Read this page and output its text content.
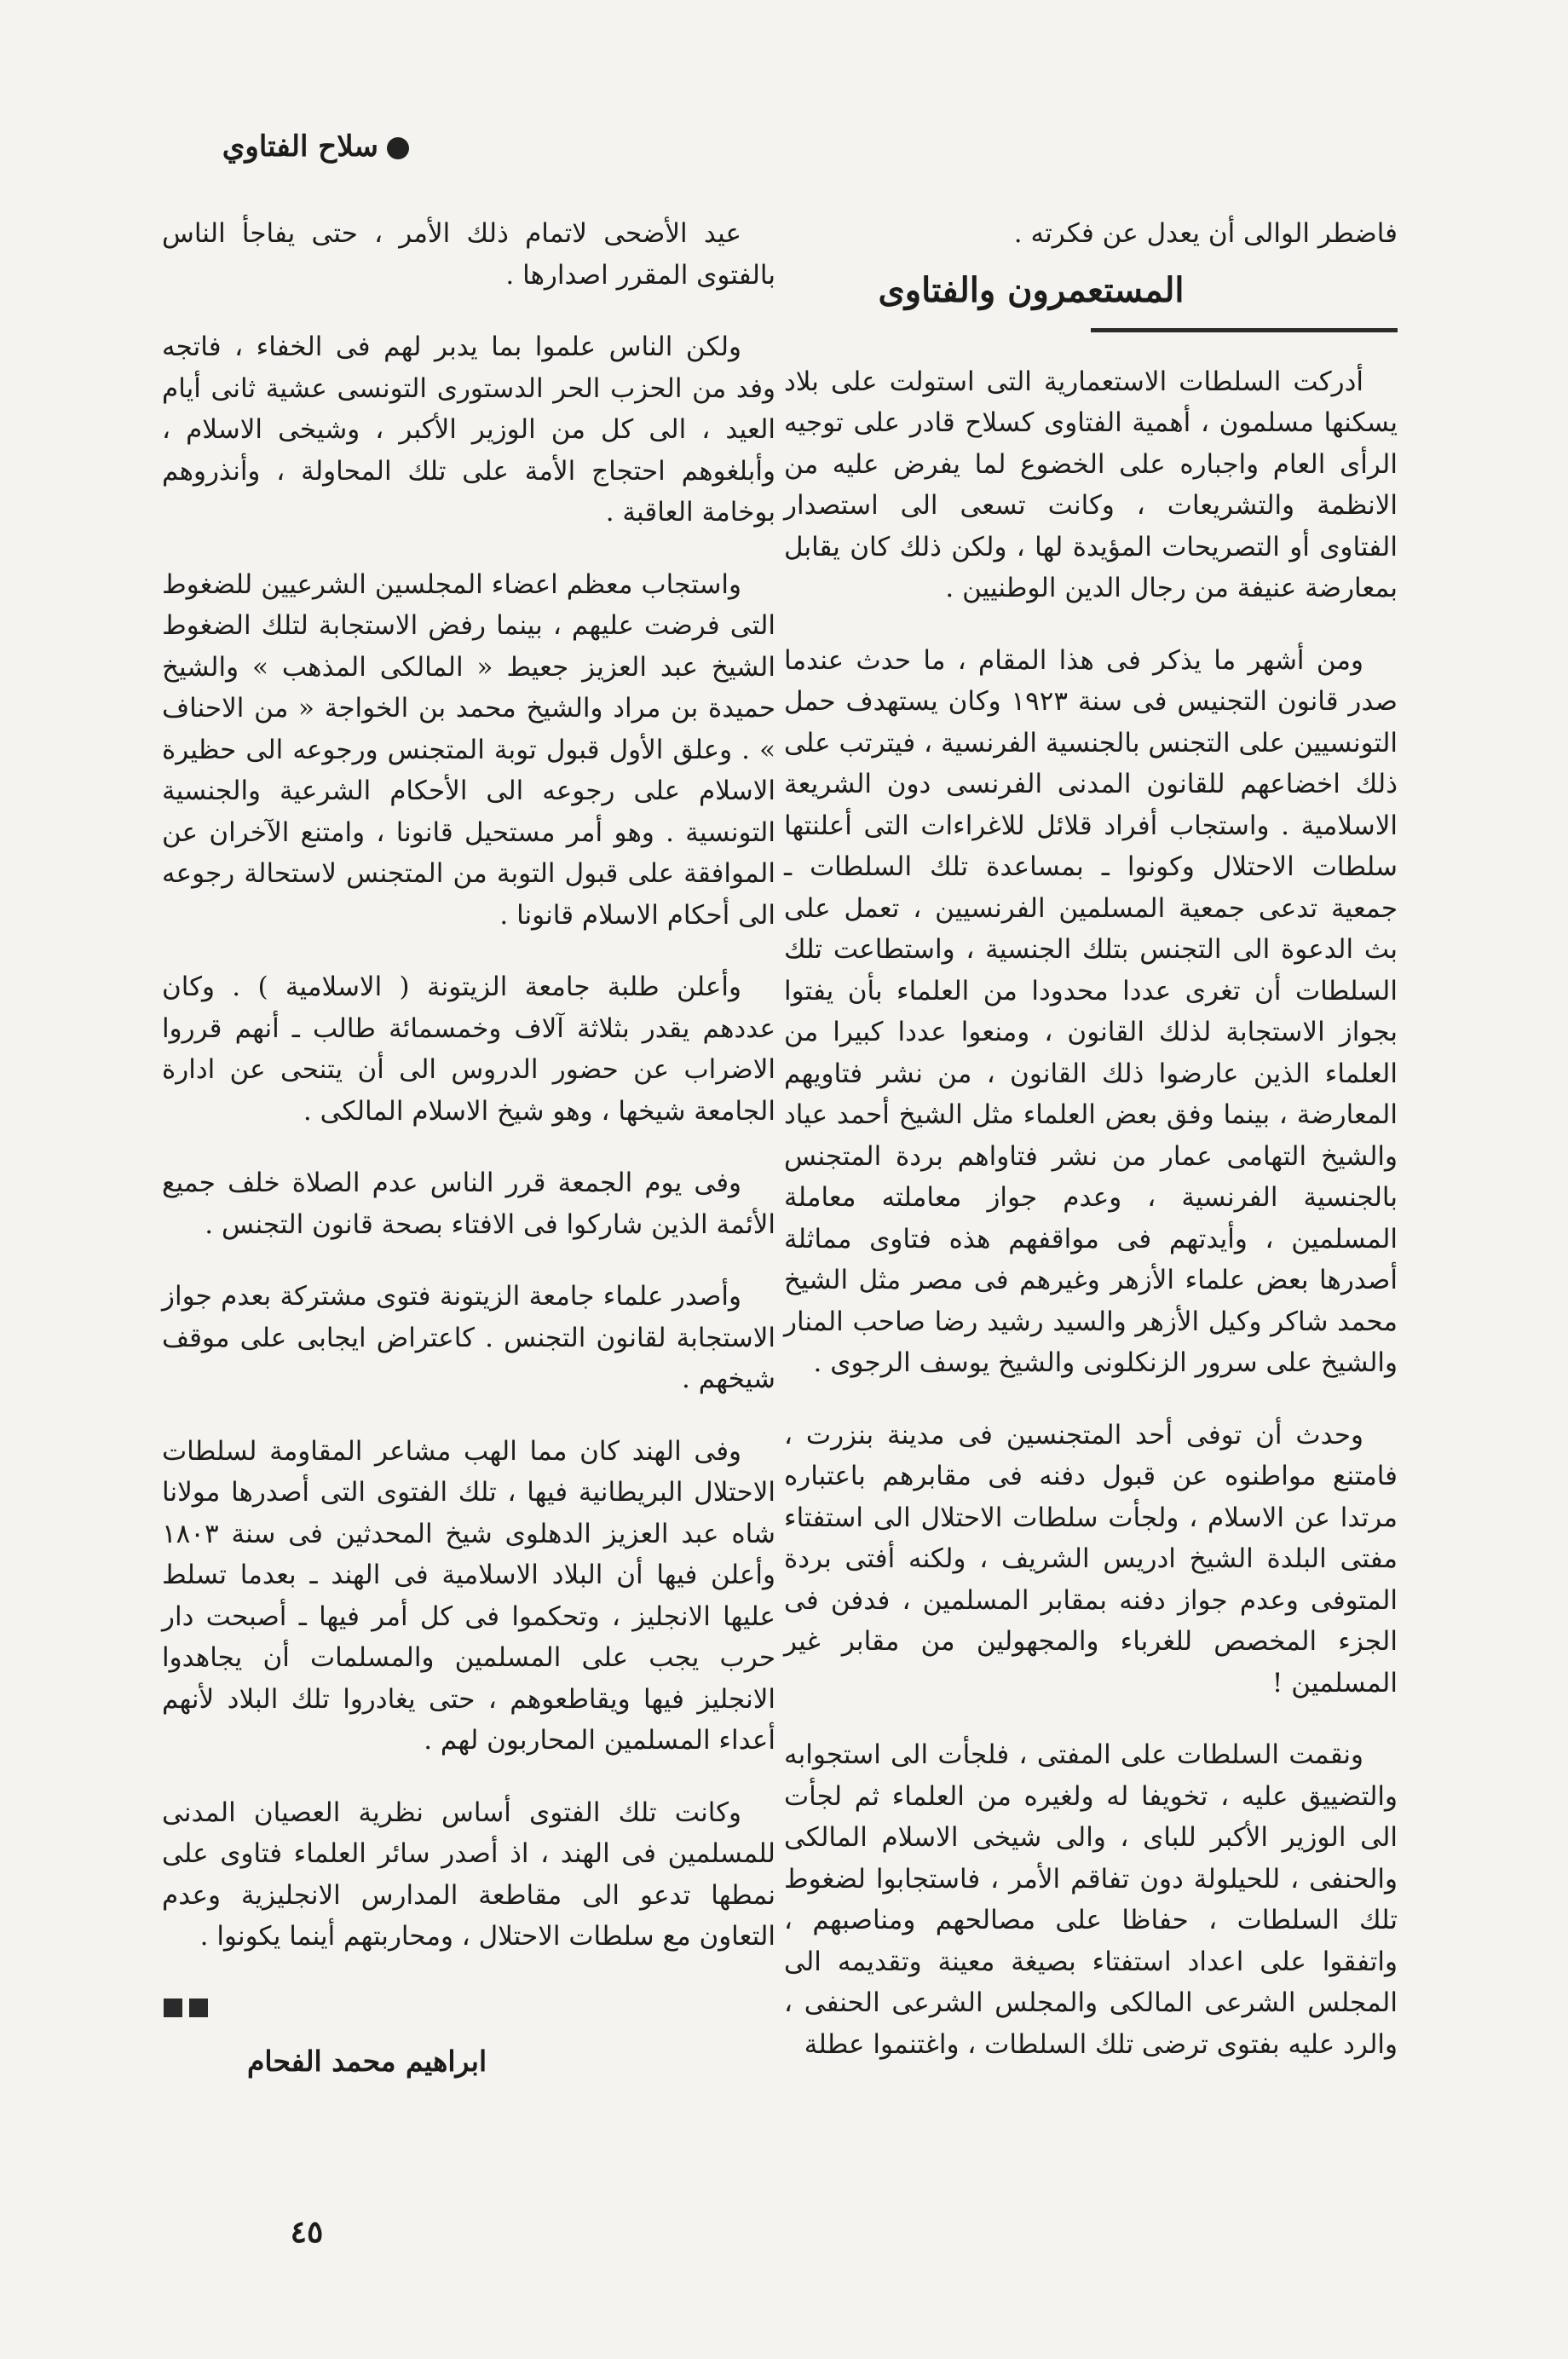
سلاح الفتاوي

فاضطر الوالى أن يعدل عن فكرته .

المستعمرون والفتاوى

أدركت السلطات الاستعمارية التى استولت على بلاد يسكنها مسلمون ، أهمية الفتاوى كسلاح قادر على توجيه الرأى العام واجباره على الخضوع لما يفرض عليه من الانظمة والتشريعات ، وكانت تسعى الى استصدار الفتاوى أو التصريحات المؤيدة لها ، ولكن ذلك كان يقابل بمعارضة عنيفة من رجال الدين الوطنيين .

ومن أشهر ما يذكر فى هذا المقام ، ما حدث عندما صدر قانون التجنيس فى سنة ١٩٢٣ وكان يستهدف حمل التونسيين على التجنس بالجنسية الفرنسية ، فيترتب على ذلك اخضاعهم للقانون المدنى الفرنسى دون الشريعة الاسلامية . واستجاب أفراد قلائل للاغراءات التى أعلنتها سلطات الاحتلال وكونوا ـ بمساعدة تلك السلطات ـ جمعية تدعى جمعية المسلمين الفرنسيين ، تعمل على بث الدعوة الى التجنس بتلك الجنسية ، واستطاعت تلك السلطات أن تغرى عددا محدودا من العلماء بأن يفتوا بجواز الاستجابة لذلك القانون ، ومنعوا عددا كبيرا من العلماء الذين عارضوا ذلك القانون ، من نشر فتاويهم المعارضة ، بينما وفق بعض العلماء مثل الشيخ أحمد عياد والشيخ التهامى عمار من نشر فتاواهم بردة المتجنس بالجنسية الفرنسية ، وعدم جواز معاملته معاملة المسلمين ، وأيدتهم فى مواقفهم هذه فتاوى مماثلة أصدرها بعض علماء الأزهر وغيرهم فى مصر مثل الشيخ محمد شاكر وكيل الأزهر والسيد رشيد رضا صاحب المنار والشيخ على سرور الزنكلونى والشيخ يوسف الرجوى .

وحدث أن توفى أحد المتجنسين فى مدينة بنزرت ، فامتنع مواطنوه عن قبول دفنه فى مقابرهم باعتباره مرتدا عن الاسلام ، ولجأت سلطات الاحتلال الى استفتاء مفتى البلدة الشيخ ادريس الشريف ، ولكنه أفتى بردة المتوفى وعدم جواز دفنه بمقابر المسلمين ، فدفن فى الجزء المخصص للغرباء والمجهولين من مقابر غير المسلمين !

ونقمت السلطات على المفتى ، فلجأت الى استجوابه والتضييق عليه ، تخويفا له ولغيره من العلماء ثم لجأت الى الوزير الأكبر للباى ، والى شيخى الاسلام المالكى والحنفى ، للحيلولة دون تفاقم الأمر ، فاستجابوا لضغوط تلك السلطات ، حفاظا على مصالحهم ومناصبهم ، واتفقوا على اعداد استفتاء بصيغة معينة وتقديمه الى المجلس الشرعى المالكى والمجلس الشرعى الحنفى ، والرد عليه بفتوى ترضى تلك السلطات ، واغتنموا عطلة

عيد الأضحى لاتمام ذلك الأمر ، حتى يفاجأ الناس بالفتوى المقرر اصدارها .

ولكن الناس علموا بما يدبر لهم فى الخفاء ، فاتجه وفد من الحزب الحر الدستورى التونسى عشية ثانى أيام العيد ، الى كل من الوزير الأكبر ، وشيخى الاسلام ، وأبلغوهم احتجاج الأمة على تلك المحاولة ، وأنذروهم بوخامة العاقبة .

واستجاب معظم اعضاء المجلسين الشرعيين للضغوط التى فرضت عليهم ، بينما رفض الاستجابة لتلك الضغوط الشيخ عبد العزيز جعيط « المالكى المذهب » والشيخ حميدة بن مراد والشيخ محمد بن الخواجة « من الاحناف » . وعلق الأول قبول توبة المتجنس ورجوعه الى حظيرة الاسلام على رجوعه الى الأحكام الشرعية والجنسية التونسية . وهو أمر مستحيل قانونا ، وامتنع الآخران عن الموافقة على قبول التوبة من المتجنس لاستحالة رجوعه الى أحكام الاسلام قانونا .

وأعلن طلبة جامعة الزيتونة ( الاسلامية ) . وكان عددهم يقدر بثلاثة آلاف وخمسمائة طالب ـ أنهم قرروا الاضراب عن حضور الدروس الى أن يتنحى عن ادارة الجامعة شيخها ، وهو شيخ الاسلام المالكى .

وفى يوم الجمعة قرر الناس عدم الصلاة خلف جميع الأئمة الذين شاركوا فى الافتاء بصحة قانون التجنس .

وأصدر علماء جامعة الزيتونة فتوى مشتركة بعدم جواز الاستجابة لقانون التجنس . كاعتراض ايجابى على موقف شيخهم .

وفى الهند كان مما الهب مشاعر المقاومة لسلطات الاحتلال البريطانية فيها ، تلك الفتوى التى أصدرها مولانا شاه عبد العزيز الدهلوى شيخ المحدثين فى سنة ١٨٠٣ وأعلن فيها أن البلاد الاسلامية فى الهند ـ بعدما تسلط عليها الانجليز ، وتحكموا فى كل أمر فيها ـ أصبحت دار حرب يجب على المسلمين والمسلمات أن يجاهدوا الانجليز فيها ويقاطعوهم ، حتى يغادروا تلك البلاد لأنهم أعداء المسلمين المحاربون لهم .

وكانت تلك الفتوى أساس نظرية العصيان المدنى للمسلمين فى الهند ، اذ أصدر سائر العلماء فتاوى على نمطها تدعو الى مقاطعة المدارس الانجليزية وعدم التعاون مع سلطات الاحتلال ، ومحاربتهم أينما يكونوا .

ابراهيم محمد الفحام
٤٥
